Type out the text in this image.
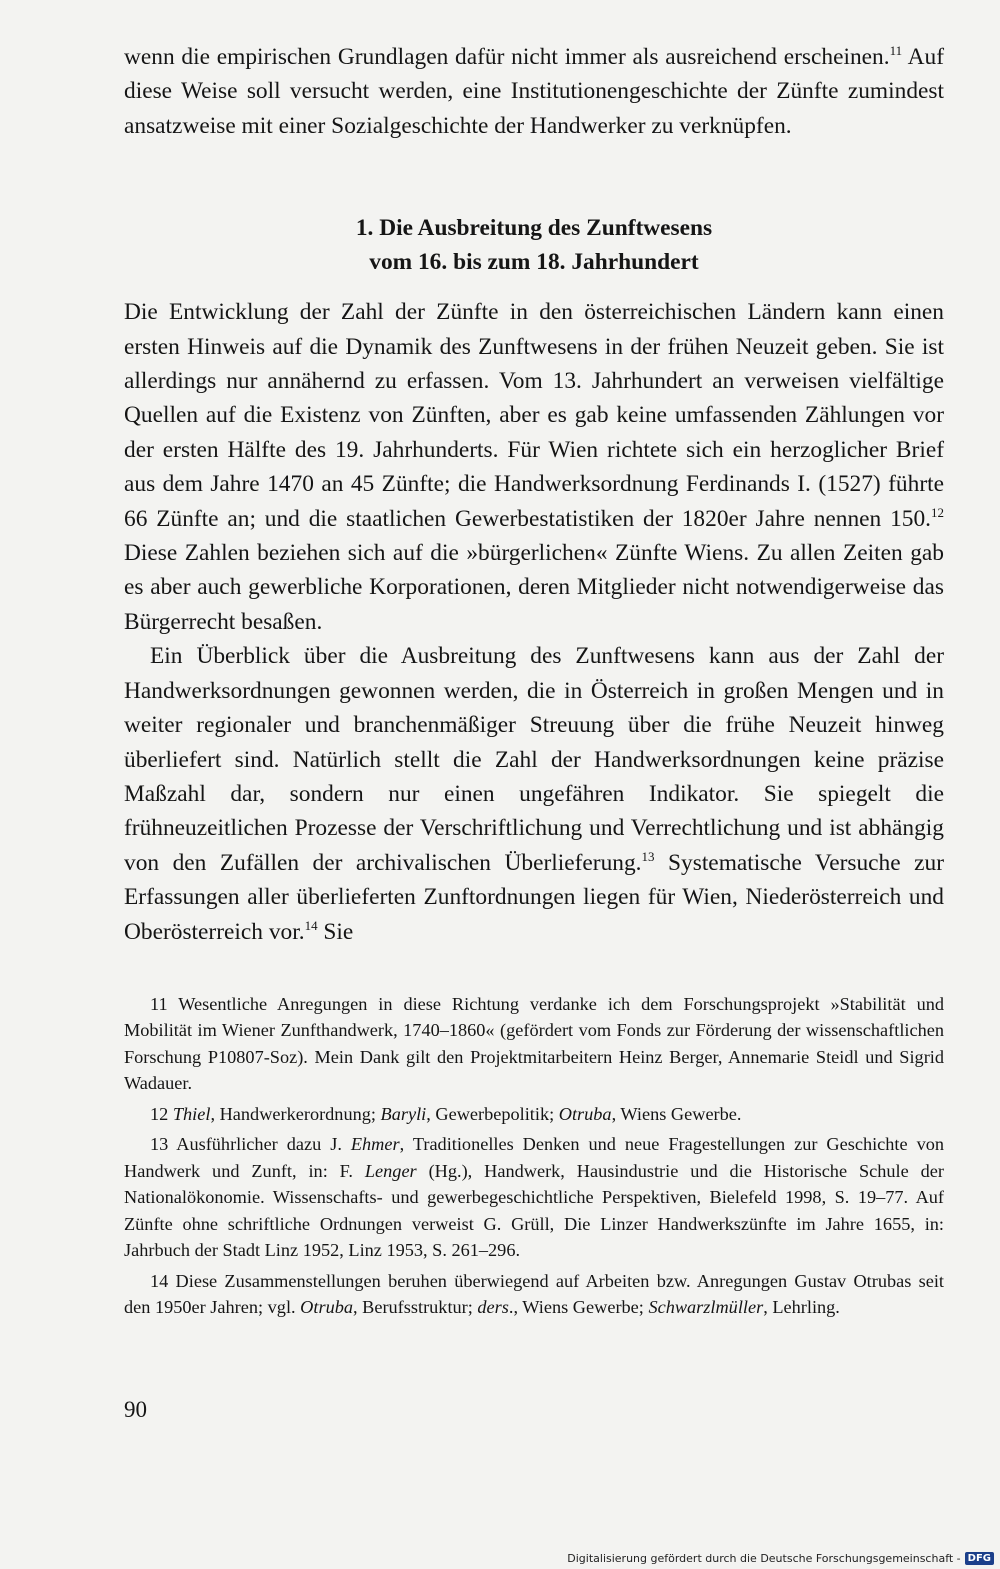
wenn die empirischen Grundlagen dafür nicht immer als ausreichend erscheinen.$^{11}$ Auf diese Weise soll versucht werden, eine Institutionengeschichte der Zünfte zumindest ansatzweise mit einer Sozialgeschichte der Handwerker zu verknüpfen.

1. Die Ausbreitung des Zunftwesens
vom 16. bis zum 18. Jahrhundert

Die Entwicklung der Zahl der Zünfte in den österreichischen Ländern kann einen ersten Hinweis auf die Dynamik des Zunftwesens in der frühen Neuzeit geben. Sie ist allerdings nur annähernd zu erfassen. Vom 13. Jahrhundert an verweisen vielfältige Quellen auf die Existenz von Zünften, aber es gab keine umfassenden Zählungen vor der ersten Hälfte des 19. Jahrhunderts. Für Wien richtete sich ein herzoglicher Brief aus dem Jahre 1470 an 45 Zünfte; die Handwerksordnung Ferdinands I. (1527) führte 66 Zünfte an; und die staatlichen Gewerbestatistiken der 1820er Jahre nennen 150.12 Diese Zahlen beziehen sich auf die »bürgerlichen« Zünfte Wiens. Zu allen Zeiten gab es aber auch gewerbliche Korporationen, deren Mitglieder nicht notwendigerweise das Bürgerrecht besaßen.

Ein Überblick über die Ausbreitung des Zunftwesens kann aus der Zahl der Handwerksordnungen gewonnen werden, die in Österreich in großen Mengen und in weiter regionaler und branchenmäßiger Streuung über die frühe Neuzeit hinweg überliefert sind. Natürlich stellt die Zahl der Handwerksordnungen keine präzise Maßzahl dar, sondern nur einen ungefähren Indikator. Sie spiegelt die frühneuzeitlichen Prozesse der Verschriftlichung und Verrechtlichung und ist abhängig von den Zufällen der archivalischen Überlieferung.$^{13}$ Systematische Versuche zur Erfassungen aller überlieferten Zunftordnungen liegen für Wien, Niederösterreich und Oberösterreich vor.$^{14}$ Sie

11 Wesentliche Anregungen in diese Richtung verdanke ich dem Forschungsprojekt »Stabilität und Mobilität im Wiener Zunfthandwerk, 1740–1860« (gefördert vom Fonds zur Förderung der wissenschaftlichen Forschung P10807-Soz). Mein Dank gilt den Projektmitarbeitern Heinz Berger, Annemarie Steidl und Sigrid Wadauer.

12 Thiel, Handwerkerordnung; Baryli, Gewerbepolitik; Otruba, Wiens Gewerbe.

13 Ausführlicher dazu J. Ehmer, Traditionelles Denken und neue Fragestellungen zur Geschichte von Handwerk und Zunft, in: F. Lenger (Hg.), Handwerk, Hausindustrie und die Historische Schule der Nationalökonomie. Wissenschafts- und gewerbegeschichtliche Perspektiven, Bielefeld 1998, S. 19–77. Auf Zünfte ohne schriftliche Ordnungen verweist G. Grüll, Die Linzer Handwerkszünfte im Jahre 1655, in: Jahrbuch der Stadt Linz 1952, Linz 1953, S. 261–296.

14 Diese Zusammenstellungen beruhen überwiegend auf Arbeiten bzw. Anregungen Gustav Otrubas seit den 1950er Jahren; vgl. Otruba, Berufsstruktur; ders., Wiens Gewerbe; Schwarzlmüller, Lehrling.

90
Digitalisierung gefördert durch die Deutsche Forschungsgemeinschaft - DFG
